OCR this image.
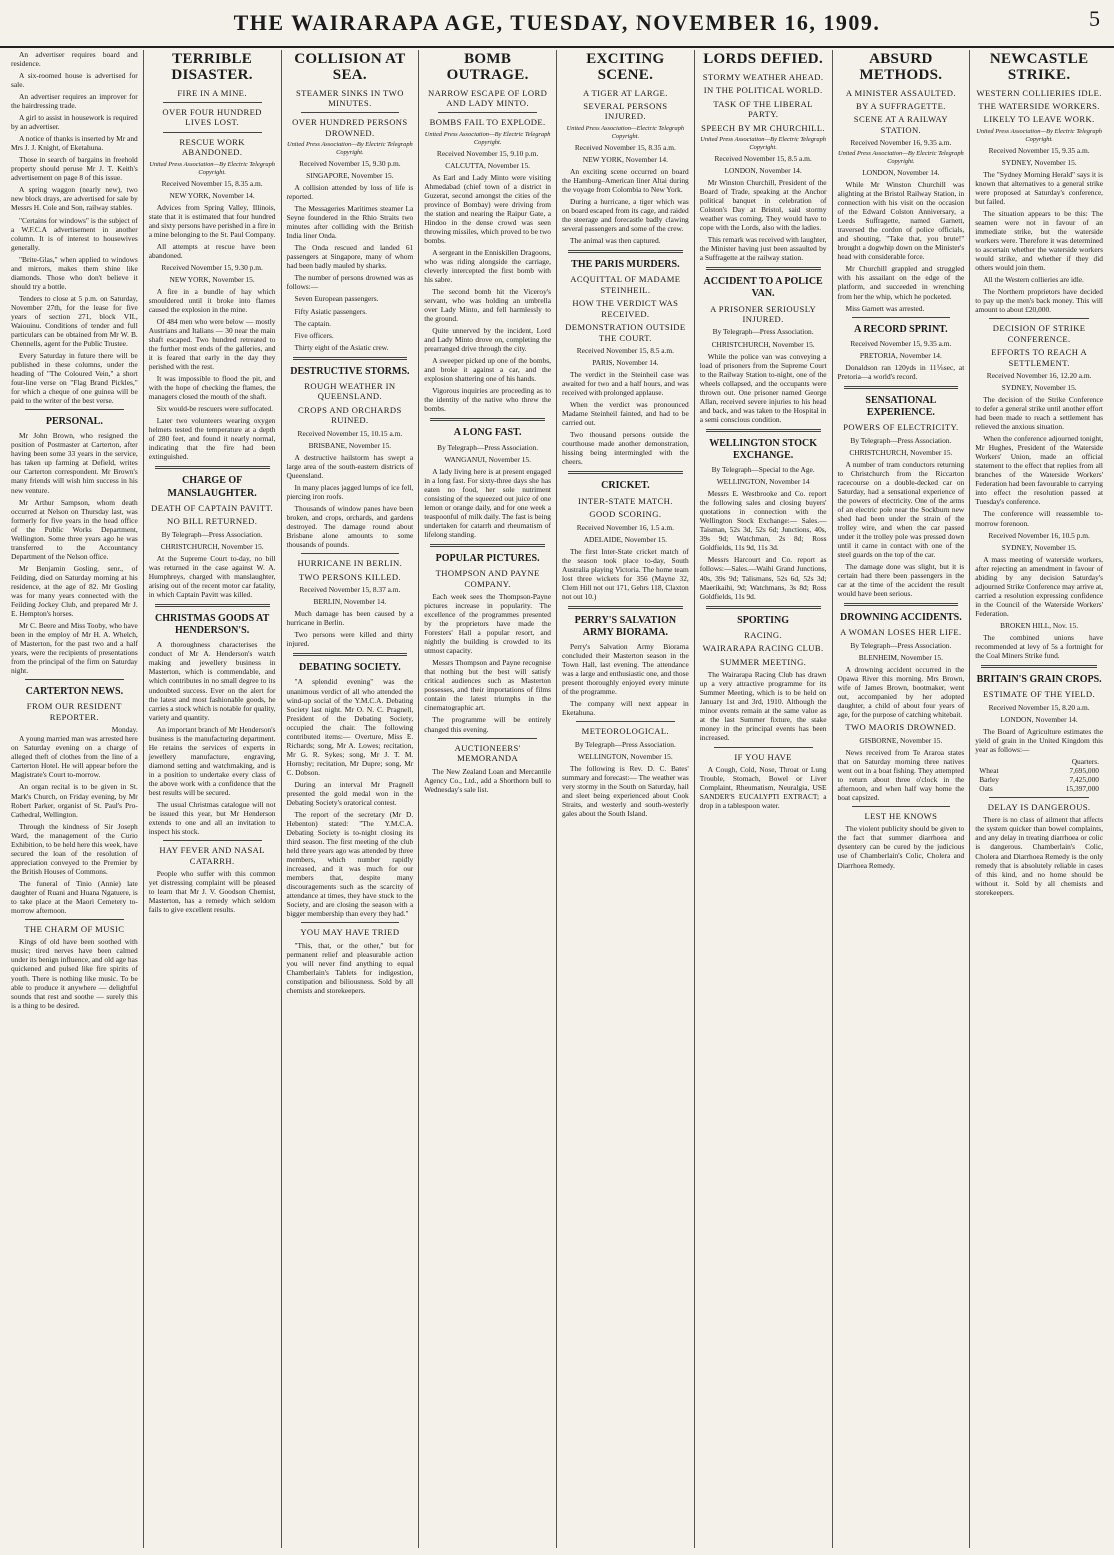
THE WAIRARAPA AGE, TUESDAY, NOVEMBER 16, 1909.	5

An advertiser requires board and residence.

A six-roomed house is advertised for sale.

An advertiser requires an improver for the hairdressing trade.

A girl to assist in housework is required by an advertiser.

A notice of thanks is inserted by Mr and Mrs J. J. Knight, of Eketahuna.

Those in search of bargains in freehold property should peruse Mr J. T. Keith's advertisement on page 8 of this issue.

A spring waggon (nearly new), two new block drays, are advertised for sale by Messrs H. Cole and Son, railway stables.

"Certains for windows" is the subject of a W.F.C.A advertisement in another column. It is of interest to housewives generally.

"Brite-Glas," when applied to windows and mirrors, makes them shine like diamonds. Those who don't believe it should try a bottle.

Tenders to close at 5 p.m. on Saturday, November 27th, for the lease for five years of section 271, block VII., Waiouinu. Conditions of tender and full particulars can be obtained from Mr W. B. Chennells, agent for the Public Trustee.

Every Saturday in future there will be published in these columns, under the heading of "The Coloured Vein," a short four-line verse on "Flag Brand Pickles," for which a cheque of one guinea will be paid to the writer of the best verse.

PERSONAL.

Mr John Brown, who resigned the position of Postmaster at Carterton, after having been some 33 years in the service, has taken up farming at Defield, writes our Carterton correspondent. Mr Brown's many friends will wish him success in his new venture.

Mr Arthur Sampson, whom death occurred at Nelson on Thursday last, was formerly for five years in the head office of the Public Works Department, Wellington. Some three years ago he was transferred to the Accountancy Department of the Nelson office.

Mr Benjamin Gosling, senr., of Feilding, died on Saturday morning at his residence, at the age of 82. Mr Gosling was for many years connected with the Feilding Jockey Club, and prepared Mr J. E. Hempton's horses.

Mr C. Beere and Miss Tooby, who have been in the employ of Mr H. A. Whelch, of Masterton, for the past two and a half years, were the recipients of presentations from the principal of the firm on Saturday night.

CARTERTON NEWS.
FROM OUR RESIDENT REPORTER.
Monday.

A young married man was arrested here on Saturday evening on a charge of alleged theft of clothes from the line of a Carterton Hotel. He will appear before the Magistrate's Court to-morrow.

An organ recital is to be given in St. Mark's Church, on Friday evening, by Mr Robert Parker, organist of St. Paul's Pro-Cathedral, Wellington.

Through the kindness of Sir Joseph Ward, the management of the Curio Exhibition, to be held here this week, have secured the loan of the resolution of appreciation conveyed to the Premier by the British Houses of Commons.

The funeral of Tinio (Annie) late daughter of Ruani and Huana Ngatuere, is to take place at the Maori Cemetery to-morrow afternoon.

THE CHARM OF MUSIC

Kings of old have been soothed with music; tired nerves have been calmed under its benign influence, and old age has quickened and pulsed like fire spirits of youth. There is nothing like music. To be able to produce it anywhere — delightful sounds that rest and soothe — surely this is a thing to be desired.

TERRIBLE DISASTER.
FIRE IN A MINE.
OVER FOUR HUNDRED LIVES LOST.
RESCUE WORK ABANDONED.

United Press Association—By Electric Telegraph Copyright.

Received November 15, 8.35 a.m.

NEW YORK, November 14.

Advices from Spring Valley, Illinois, state that it is estimated that four hundred and sixty persons have perished in a fire in a mine belonging to the St. Paul Company.

All attempts at rescue have been abandoned.

Received November 15, 9.30 p.m.

NEW YORK, November 15.

A fire in a bundle of hay which smouldered until it broke into flames caused the explosion in the mine.

Of 484 men who were below — mostly Austrians and Italians — 30 near the main shaft escaped. Two hundred retreated to the further most ends of the galleries, and it is feared that early in the day they perished with the rest.

It was impossible to flood the pit, and with the hope of checking the flames, the managers closed the mouth of the shaft.

Six would-be rescuers were suffocated.

Later two volunteers wearing oxygen helmets tested the temperature at a depth of 280 feet, and found it nearly normal, indicating that the fire had been extinguished.

CHARGE OF MANSLAUGHTER.
DEATH OF CAPTAIN PAVITT.
NO BILL RETURNED.

By Telegraph—Press Association.

CHRISTCHURCH, November 15.

At the Supreme Court to-day, no bill was returned in the case against W. A. Humphreys, charged with manslaughter, arising out of the recent motor car fatality, in which Captain Pavitt was killed.

CHRISTMAS GOODS AT HENDERSON'S.

A thoroughness characterises the conduct of Mr A. Henderson's watch making and jewellery business in Masterton, which is commendable, and which contributes in no small degree to its undoubted success. Ever on the alert for the latest and most fashionable goods, he carries a stock which is notable for quality, variety and quantity.

An important branch of Mr Henderson's business is the manufacturing department. He retains the services of experts in jewellery manufacture, engraving, diamond setting and watchmaking, and is in a position to undertake every class of the above work with a confidence that the best results will be secured.

The usual Christmas catalogue will not be issued this year, but Mr Henderson extends to one and all an invitation to inspect his stock.

HAY FEVER AND NASAL CATARRH.

People who suffer with this common yet distressing complaint will be pleased to learn that Mr J. V. Goodson Chemist, Masterton, has a remedy which seldom fails to give excellent results.

COLLISION AT SEA.
STEAMER SINKS IN TWO MINUTES.
OVER HUNDRED PERSONS DROWNED.

United Press Association—By Electric Telegraph Copyright.

Received November 15, 9.30 p.m.

SINGAPORE, November 15.

A collision attended by loss of life is reported.

The Messageries Maritimes steamer La Seyne foundered in the Rhio Straits two minutes after colliding with the British India liner Onda.

The Onda rescued and landed 61 passengers at Singapore, many of whom had been badly mauled by sharks.

The number of persons drowned was as follows:—

Seven European passengers.

Fifty Asiatic passengers.

The captain.

Five officers.

Thirty eight of the Asiatic crew.

DESTRUCTIVE STORMS.
ROUGH WEATHER IN QUEENSLAND.
CROPS AND ORCHARDS RUINED.

Received November 15, 10.15 a.m.

BRISBANE, November 15.

A destructive hailstorm has swept a large area of the south-eastern districts of Queensland.

In many places jagged lumps of ice fell, piercing iron roofs.

Thousands of window panes have been broken, and crops, orchards, and gardens destroyed. The damage round about Brisbane alone amounts to some thousands of pounds.

HURRICANE IN BERLIN.
TWO PERSONS KILLED.

Received November 15, 8.37 a.m.

BERLIN, November 14.

Much damage has been caused by a hurricane in Berlin.

Two persons were killed and thirty injured.

DEBATING SOCIETY.

"A splendid evening" was the unanimous verdict of all who attended the wind-up social of the Y.M.C.A. Debating Society last night. Mr O. N. C. Pragnell, President of the Debating Society, occupied the chair. The following contributed items:— Overture, Miss E. Richards; song, Mr A. Lowes; recitation, Mr G. R. Sykes; song, Mr J. T. M. Hornsby; recitation, Mr Dupre; song, Mr C. Dobson.

During an interval Mr Pragnell presented the gold medal won in the Debating Society's oratorical contest.

The report of the secretary (Mr D. Hebenton) stated: "The Y.M.C.A. Debating Society is to-night closing its third season. The first meeting of the club held three years ago was attended by three members, which number rapidly increased, and it was much for our members that, despite many discouragements such as the scarcity of attendance at times, they have stuck to the Society, and are closing the season with a bigger membership than every they had."

YOU MAY HAVE TRIED

"This, that, or the other," but for permanent relief and pleasurable action you will never find anything to equal Chamberlain's Tablets for indigestion, constipation and biliousness. Sold by all chemists and storekeepers.

BOMB OUTRAGE.
NARROW ESCAPE OF LORD AND LADY MINTO.
BOMBS FAIL TO EXPLODE.

United Press Association—By Electric Telegraph Copyright.

Received November 15, 9.10 p.m.

CALCUTTA, November 15.

As Earl and Lady Minto were visiting Ahmedabad (chief town of a district in Guzerat, second amongst the cities of the province of Bombay) were driving from the station and nearing the Raipur Gate, a Hindoo in the dense crowd was seen throwing missiles, which proved to be two bombs.

A sergeant in the Enniskillen Dragoons, who was riding alongside the carriage, cleverly intercepted the first bomb with his sabre.

The second bomb hit the Viceroy's servant, who was holding an umbrella over Lady Minto, and fell harmlessly to the ground.

Quite unnerved by the incident, Lord and Lady Minto drove on, completing the prearranged drive through the city.

A sweeper picked up one of the bombs, and broke it against a car, and the explosion shattering one of his hands.

Vigorous inquiries are proceeding as to the identity of the native who threw the bombs.

A LONG FAST.

By Telegraph—Press Association.

WANGANUI, November 15.

A lady living here is at present engaged in a long fast. For sixty-three days she has eaten no food, her sole nutriment consisting of the squeezed out juice of one lemon or orange daily, and for one week a teaspoonful of milk daily. The fast is being undertaken for catarrh and rheumatism of lifelong standing.

POPULAR PICTURES.
THOMPSON AND PAYNE COMPANY.

Each week sees the Thompson-Payne pictures increase in popularity. The excellence of the programmes presented by the proprietors have made the Foresters' Hall a popular resort, and nightly the building is crowded to its utmost capacity.

Messrs Thompson and Payne recognise that nothing but the best will satisfy critical audiences such as Masterton possesses, and their importations of films contain the latest triumphs in the cinematographic art.

The programme will be entirely changed this evening.

AUCTIONEERS' MEMORANDA

The New Zealand Loan and Mercantile Agency Co., Ltd., add a Shorthorn bull to Wednesday's sale list.

EXCITING SCENE.
A TIGER AT LARGE.
SEVERAL PERSONS INJURED.

United Press Association—Electric Telegraph Copyright.

Received November 15, 8.35 a.m.

NEW YORK, November 14.

An exciting scene occurred on board the Hamburg–American liner Altai during the voyage from Colombia to New York.

During a hurricane, a tiger which was on board escaped from its cage, and raided the steerage and forecastle badly clawing several passengers and some of the crew.

The animal was then captured.

THE PARIS MURDERS.
ACQUITTAL OF MADAME STEINHEIL.
HOW THE VERDICT WAS RECEIVED.
DEMONSTRATION OUTSIDE THE COURT.

Received November 15, 8.5 a.m.

PARIS, November 14.

The verdict in the Steinheil case was awaited for two and a half hours, and was received with prolonged applause.

When the verdict was pronounced Madame Steinheil fainted, and had to be carried out.

Two thousand persons outside the courthouse made another demonstration, hissing being intermingled with the cheers.

CRICKET.
INTER-STATE MATCH.
GOOD SCORING.

Received November 16, 1.5 a.m.

ADELAIDE, November 15.

The first Inter-State cricket match of the season took place to-day, South Australia playing Victoria. The home team lost three wickets for 356 (Mayne 32, Clem Hill not out 171, Gehrs 118, Claxton not out 10.)

PERRY'S SALVATION ARMY BIORAMA.

Perry's Salvation Army Biorama concluded their Masterton season in the Town Hall, last evening. The attendance was a large and enthusiastic one, and those present thoroughly enjoyed every minute of the programme.

The company will next appear in Eketahuna.

METEOROLOGICAL.

By Telegraph—Press Association.

WELLINGTON, November 15.

The following is Rev. D. C. Bates' summary and forecast:— The weather was very stormy in the South on Saturday, hail and sleet being experienced about Cook Straits, and westerly and south-westerly gales about the South Island.

LORDS DEFIED.
STORMY WEATHER AHEAD.
IN THE POLITICAL WORLD.
TASK OF THE LIBERAL PARTY.
SPEECH BY MR CHURCHILL.

United Press Association—By Electric Telegraph Copyright.

Received November 15, 8.5 a.m.

LONDON, November 14.

Mr Winston Churchill, President of the Board of Trade, speaking at the Anchor political banquet in celebration of Colston's Day at Bristol, said stormy weather was coming. They would have to cope with the Lords, also with the ladies.

This remark was received with laughter, the Minister having just been assaulted by a Suffragette at the railway station.

ACCIDENT TO A POLICE VAN.
A PRISONER SERIOUSLY INJURED.

By Telegraph—Press Association.

CHRISTCHURCH, November 15.

While the police van was conveying a load of prisoners from the Supreme Court to the Railway Station to-night, one of the wheels collapsed, and the occupants were thrown out. One prisoner named George Allan, received severe injuries to his head and back, and was taken to the Hospital in a semi conscious condition.

WELLINGTON STOCK EXCHANGE.

By Telegraph—Special to the Age.

WELLINGTON, November 14

Messrs E. Westbrooke and Co. report the following sales and closing buyers' quotations in connection with the Wellington Stock Exchange:— Sales.—Taisman, 52s 3d, 52s 6d; Junctions, 40s, 39s 9d; Watchman, 2s 8d; Ross Goldfields, 11s 9d, 11s 3d.

Messrs Harcourt and Co. report as follows:—Sales.—Waihi Grand Junctions, 40s, 39s 9d; Talismans, 52s 6d, 52s 3d; Maerikaihi, 9d; Watchmans, 3s 8d; Ross Goldfields, 11s 9d.

SPORTING
RACING.
WAIRARAPA RACING CLUB.
SUMMER MEETING.

The Wairarapa Racing Club has drawn up a very attractive programme for its Summer Meeting, which is to be held on January 1st and 3rd, 1910. Although the minor events remain at the same value as at the last Summer fixture, the stake money in the principal events has been increased.

IF YOU HAVE

A Cough, Cold, Nose, Throat or Lung Trouble, Stomach, Bowel or Liver Complaint, Rheumatism, Neuralgia, USE SANDER'S EUCALYPTI EXTRACT; a drop in a tablespoon water.

ABSURD METHODS.
A MINISTER ASSAULTED.
BY A SUFFRAGETTE.
SCENE AT A RAILWAY STATION.

Received November 16, 9.35 a.m.

United Press Association—By Electric Telegraph Copyright.

LONDON, November 14.

While Mr Winston Churchill was alighting at the Bristol Railway Station, in connection with his visit on the occasion of the Edward Colston Anniversary, a Leeds Suffragette, named Garnett, traversed the cordon of police officials, and shouting, "Take that, you brute!" brought a dogwhip down on the Minister's head with considerable force.

Mr Churchill grappled and struggled with his assailant on the edge of the platform, and succeeded in wrenching from her the whip, which he pocketed.

Miss Garnett was arrested.

A RECORD SPRINT.

Received November 15, 9.35 a.m.

PRETORIA, November 14.

Donaldson ran 120yds in 11⅕sec, at Pretoria—a world's record.

SENSATIONAL EXPERIENCE.
POWERS OF ELECTRICITY.

By Telegraph—Press Association.

CHRISTCHURCH, November 15.

A number of tram conductors returning to Christchurch from the Riccarton racecourse on a double-decked car on Saturday, had a sensational experience of the powers of electricity. One of the arms of an electric pole near the Sockburn new shed had been under the strain of the trolley wire, and when the car passed under it the trolley pole was pressed down until it came in contact with one of the steel guards on the top of the car.

The damage done was slight, but it is certain had there been passengers in the car at the time of the accident the result would have been serious.

DROWNING ACCIDENTS.
A WOMAN LOSES HER LIFE.

By Telegraph—Press Association.

BLENHEIM, November 15.

A drowning accident occurred in the Opawa River this morning. Mrs Brown, wife of James Brown, bootmaker, went out, accompanied by her adopted daughter, a child of about four years of age, for the purpose of catching whitebait.

TWO MAORIS DROWNED.

GISBORNE, November 15.

News received from Te Araroa states that on Saturday morning three natives went out in a boat fishing. They attempted to return about three o'clock in the afternoon, and when half way home the boat capsized.

LEST HE KNOWS

The violent publicity should be given to the fact that summer diarrhoea and dysentery can be cured by the judicious use of Chamberlain's Colic, Cholera and Diarrhoea Remedy.

NEWCASTLE STRIKE.
WESTERN COLLIERIES IDLE.
THE WATERSIDE WORKERS.
LIKELY TO LEAVE WORK.

United Press Association—By Electric Telegraph Copyright.

Received November 15, 9.35 a.m.

SYDNEY, November 15.

The "Sydney Morning Herald" says it is known that alternatives to a general strike were proposed at Saturday's conference, but failed.

The situation appears to be this: The seamen were not in favour of an immediate strike, but the waterside workers were. Therefore it was determined to ascertain whether the waterside workers would strike, and whether if they did others would join them.

All the Western collieries are idle.

The Northern proprietors have decided to pay up the men's back money. This will amount to about £20,000.

DECISION OF STRIKE CONFERENCE.
EFFORTS TO REACH A SETTLEMENT.

Received November 16, 12.20 a.m.

SYDNEY, November 15.

The decision of the Strike Conference to defer a general strike until another effort had been made to reach a settlement has relieved the anxious situation.

When the conference adjourned tonight, Mr Hughes, President of the Waterside Workers' Union, made an official statement to the effect that replies from all branches of the Waterside Workers' Federation had been favourable to carrying into effect the resolution passed at Tuesday's conference.

The conference will reassemble to-morrow forenoon.

Received November 16, 10.5 p.m.

SYDNEY, November 15.

A mass meeting of waterside workers, after rejecting an amendment in favour of abiding by any decision Saturday's adjourned Strike Conference may arrive at, carried a resolution expressing confidence in the Council of the Waterside Workers' Federation.

BROKEN HILL, Nov. 15.

The combined unions have recommended at levy of 5s a fortnight for the Coal Miners Strike fund.

BRITAIN'S GRAIN CROPS.
ESTIMATE OF THE YIELD.

Received November 15, 8.20 a.m.

LONDON, November 14.

The Board of Agriculture estimates the yield of grain in the United Kingdom this year as follows:—

	Quarters.
Wheat	7,695,000
Barley	7,425,000
Oats	15,397,000
DELAY IS DANGEROUS.

There is no class of ailment that affects the system quicker than bowel complaints, and any delay in treating diarrhoea or colic is dangerous. Chamberlain's Colic, Cholera and Diarrhoea Remedy is the only remedy that is absolutely reliable in cases of this kind, and no home should be without it. Sold by all chemists and storekeepers.
